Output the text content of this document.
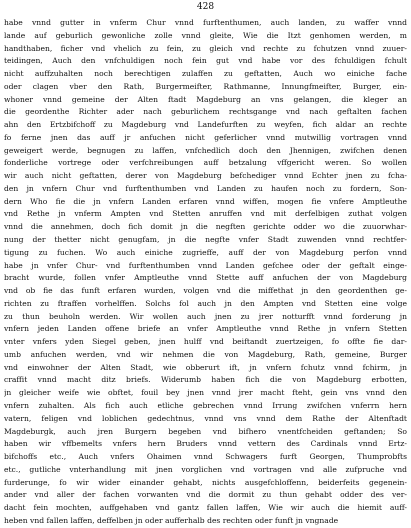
428
habe vnnd gutter in vnferm Chur vnnd furftenthumen, auch landen, zu waffer vnnd
lande auf geburlich gewonliche zolle vnnd gleite, Wie die Itzt genhomen werden, m
handthaben, ficher vnd vhelich zu fein, zu gleich vnd rechte zu fchutzen vnnd zuuer-
teidingen, Auch den vnfchuldigen noch fein gut vnd habe vor des fchuldigen fchult
nicht auffzuhalten noch berechtigen zulaffen zu geftatten, Auch wo einiche fache
oder clagen vber den Rath, Burgermeifter, Rathmanne, Innungfmeifter, Burger, ein-
whoner vnnd gemeine der Alten ftadt Magdeburg an vns gelangen, die kleger an
die geordenthe Richter ader nach geburlichem rechtsgange vnd nach geftalten fachen
ahn den Ertzbifchoff zu Magdeburg vnd Landefurften zu weyfen, fich aldar an rechte
fo ferne jnen das auff jr anfuchen nicht geferlicher vnnd mutwillig vortragen vnnd
geweigert werde, begnugen zu laffen, vnfchedlich doch den Jhennigen, zwifchen denen
fonderliche vortrege oder verfchreibungen auff betzalung vffgericht weren. So wollen
wir auch nicht geftatten, derer von Magdeburg befchediger vnnd Echter jnen zu fcha-
den jn vnfern Chur vnd furftenthumben vnd Landen zu haufen noch zu fordern, Son-
dern Who fie die jn vnfern Landen erfaren vnnd wiffen, mogen fie vnfere Amptleuthe
vnd Rethe jn vnferm Ampten vnd Stetten anruffen vnd mit derfelbigen zuthat volgen
vnnd die annehmen, doch fich domit jn die negften gerichte odder wo die zuuorwhar-
nung der thetter nicht genugfam, jn die negfte vnfer Stadt zuwenden vnnd rechtfer-
tigung zu fuchen. Wo auch einiche zugrieffe, auff der von Magdeburg perfon vnnd
habe jn vnfer Chur- vnd furftenthumben vnnd Landen gefchee oder der geftalt einge-
bracht wurde, follen vnfer Amptleuthe vnnd Stette auff anfuchen der von Magdeburg
vnd ob fie das funft erfaren wurden, volgen vnd die miffethat jn den geordenthen ge-
richten zu ftraffen vorhelffen. Solchs fol auch jn den Ampten vnd Stetten eine volge
zu thun beuholn werden. Wir wollen auch jnen zu jrer notturfft vnnd forderung jn
vnfern jeden Landen offene briefe an vnfer Amptleuthe vnnd Rethe jn vnfern Stetten
vnter vnfers yden Siegel geben, jnen hulff vnd beiftandt zuertzeigen, fo offte fie dar-
umb anfuchen werden, vnd wir nehmen die von Magdeburg, Rath, gemeine, Burger
vnd einwohner der Alten Stadt, wie obberurt ift, jn vnfern fchutz vnnd fchirm, jn
craffit vnnd macht ditz briefs. Widerumb haben fich die von Magdeburg erbotten,
jn gleicher weife wie obftet, fouil bey jnen vnnd jrer macht fteht, gein vns vnnd den
vnfern zuhalten. Als fich auch etliche gebrechen vnnd Irrung zwifchen vnferrn hern
vatern, feligen vnd loblichen gedechtnus, vnnd vns vnnd dem Rathe der Altenftadt
Magdeburgk, auch jren Burgern begeben vnd bifhero vnentfcheiden geftanden; So
haben wir vffbemelts vnfers hern Bruders vnnd vettern des Cardinals vnnd Ertz-
bifchoffs etc., Auch vnfers Ohaimen vnnd Schwagers furft Georgen, Thumprobfts
etc., gutliche vnterhandlung mit jnen vorglichen vnd vortragen vnd alle zufpruche vnd
furderunge, fo wir wider einander gehabt, nichts ausgefchloffenn, beiderfeits gegenein-
ander vnd aller der fachen vorwanten vnd die dormit zu thun gehabt odder des ver-
dacht fein mochten, auffgehaben vnd gantz fallen laffen, Wie wir auch die hiemit auff-
heben vnd fallen laffen, deffelben jn oder aufferhalb des rechten oder funft jn vngnade
